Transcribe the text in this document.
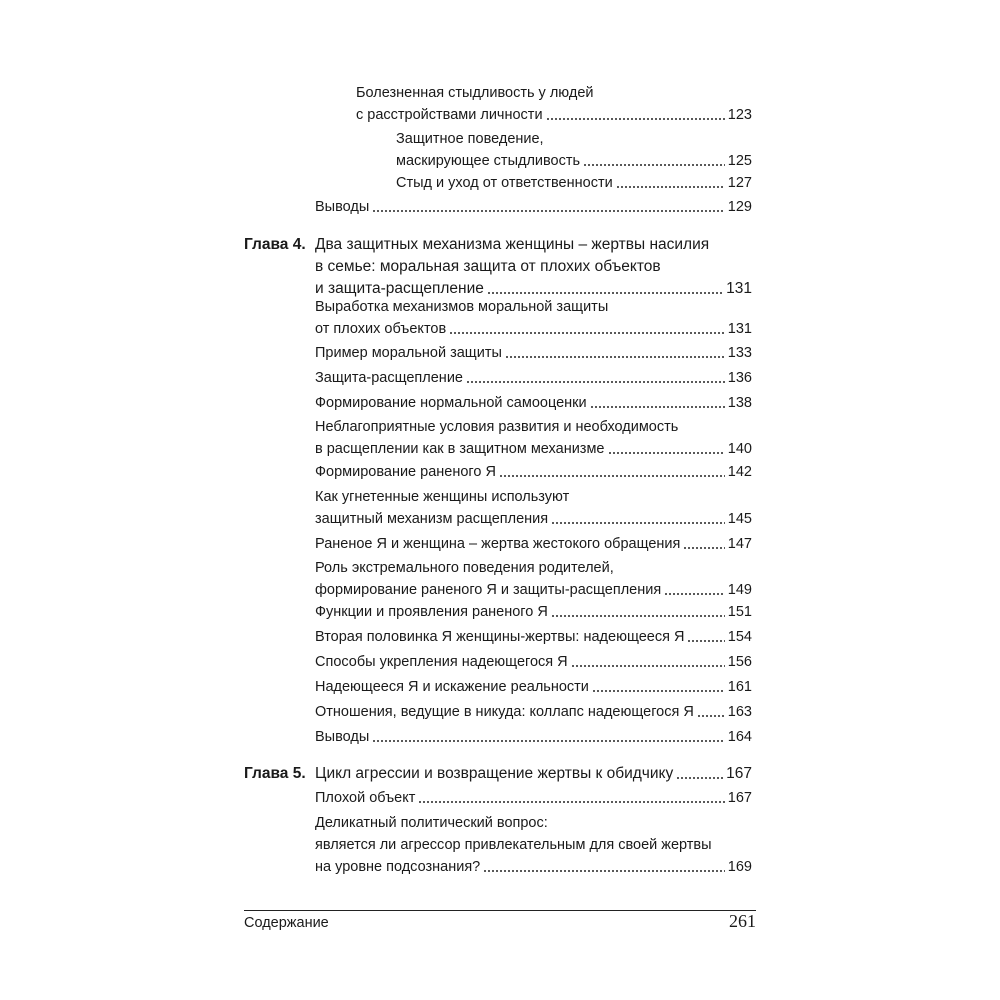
Болезненная стыдливость у людей
с расстройствами личности	123
Защитное поведение,
маскирующее стыдливость	125
Стыд и уход от ответственности	127
Выводы	129
Глава 4. Два защитных механизма женщины – жертвы насилия
в семье: моральная защита от плохих объектов
и защита-расщепление	131
Выработка механизмов моральной защиты
от плохих объектов	131
Пример моральной защиты	133
Защита-расщепление	136
Формирование нормальной самооценки	138
Неблагоприятные условия развития и необходимость
в расщеплении как в защитном механизме	140
Формирование раненого Я	142
Как угнетенные женщины используют
защитный механизм расщепления	145
Раненое Я и женщина – жертва жестокого обращения	147
Роль экстремального поведения родителей,
формирование раненого Я и защиты-расщепления	149
Функции и проявления раненого Я	151
Вторая половинка Я женщины-жертвы: надеющееся Я	154
Способы укрепления надеющегося Я	156
Надеющееся Я и искажение реальности	161
Отношения, ведущие в никуда: коллапс надеющегося Я 163
Выводы	164
Глава 5. Цикл агрессии и возвращение жертвы к обидчику	167
Плохой объект	167
Деликатный политический вопрос:
является ли агрессор привлекательным для своей жертвы
на уровне подсознания?	169
Содержание	261
